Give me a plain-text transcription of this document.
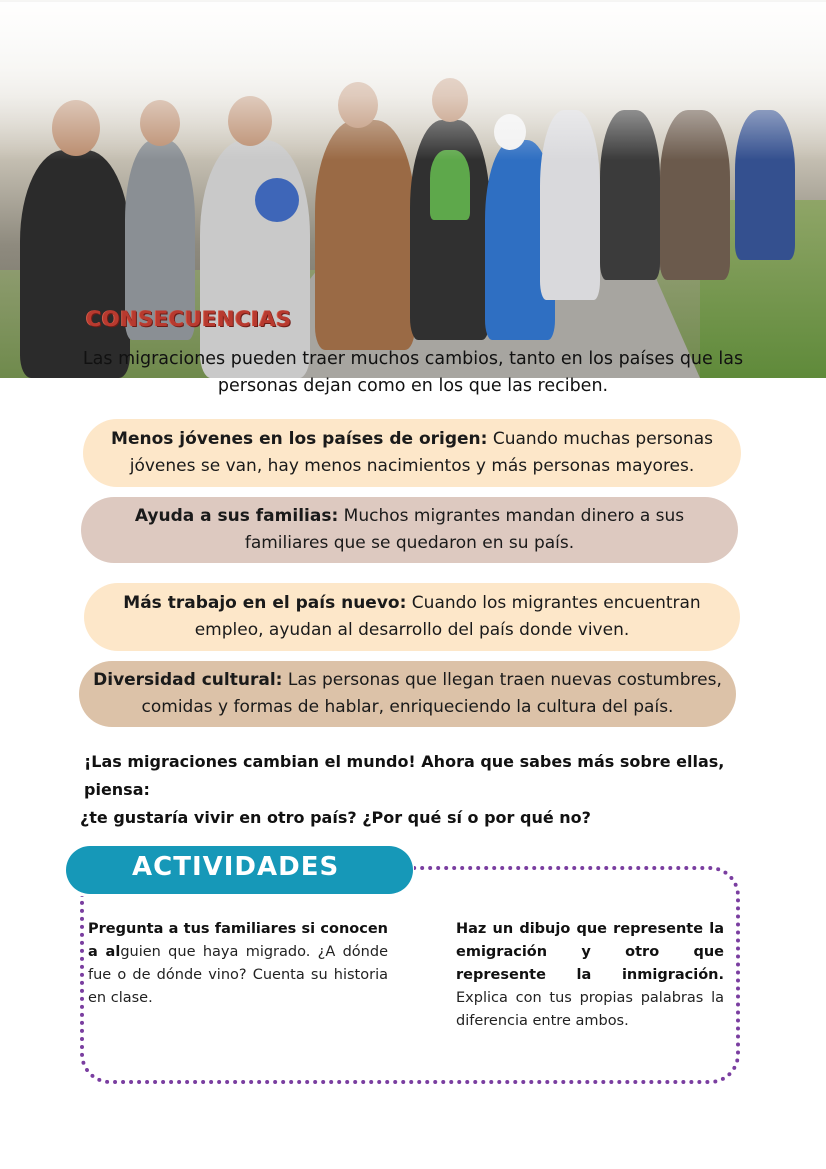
CONSECUENCIAS
Las migraciones pueden traer muchos cambios, tanto en los países que las personas dejan como en los que las reciben.
Menos jóvenes en los países de origen: Cuando muchas personas jóvenes se van, hay menos nacimientos y más personas mayores.
Ayuda a sus familias: Muchos migrantes mandan dinero a sus familiares que se quedaron en su país.
Más trabajo en el país nuevo: Cuando los migrantes encuentran empleo, ayudan al desarrollo del país donde viven.
Diversidad cultural: Las personas que llegan traen nuevas costumbres, comidas y formas de hablar, enriqueciendo la cultura del país.
¡Las migraciones cambian el mundo! Ahora que sabes más sobre ellas, piensa:
¿te gustaría vivir en otro país? ¿Por qué sí o por qué no?
ACTIVIDADES
Pregunta a tus familiares si conocen a alguien que haya migrado. ¿A dónde fue o de dónde vino? Cuenta su historia en clase.
Haz un dibujo que represente la emigración y otro que represente la inmigración. Explica con tus propias palabras la diferencia entre ambos.
